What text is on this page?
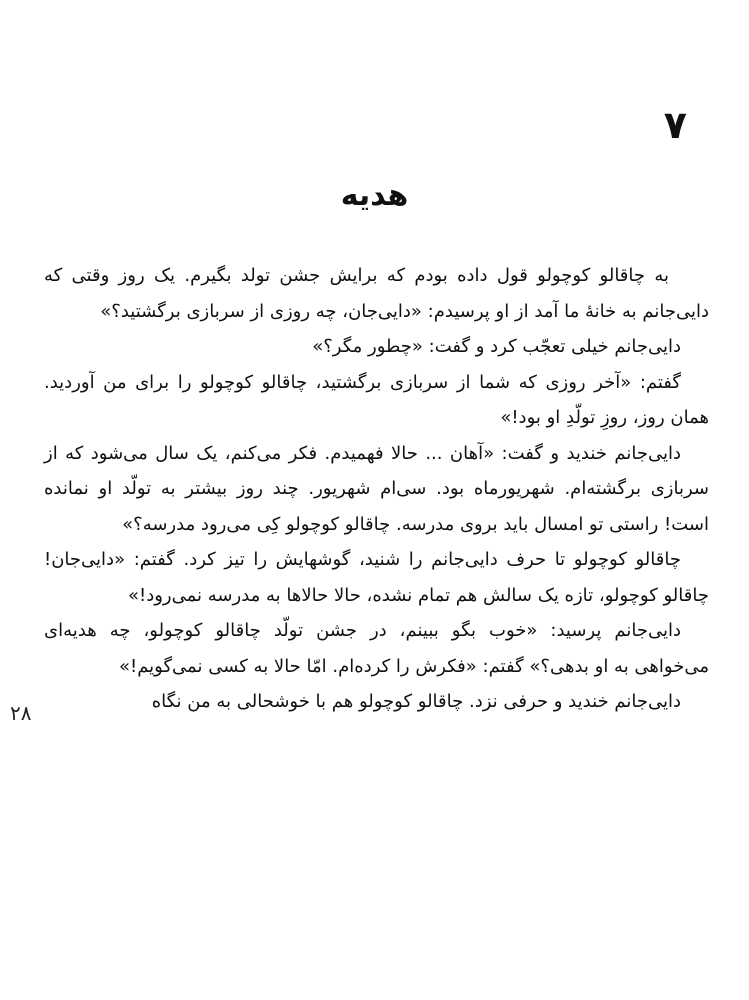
۷
هدیه

به چاقالو کوچولو قول داده بودم که برایش جشن تولد بگیرم. یک روز وقتی که دایی‌جانم به خانهٔ ما آمد از او پرسیدم: «دایی‌جان، چه روزی از سربازی برگشتید؟»

دایی‌جانم خیلی تعجّب کرد و گفت: «چطور مگر؟»

گفتم: «آخر روزی که شما از سربازی برگشتید، چاقالو کوچولو را برای من آوردید. همان روز، روزِ تولّدِ او بود!»

دایی‌جانم خندید و گفت: «آهان ... حالا فهمیدم. فکر می‌کنم، یک سال می‌شود که از سربازی برگشته‌ام. شهریورماه بود. سی‌ام شهریور. چند روز بیشتر به تولّد او نمانده است! راستی تو امسال باید بروی مدرسه. چاقالو کوچولو کِی می‌رود مدرسه؟»

چاقالو کوچولو تا حرف دایی‌جانم را شنید، گوشهایش را تیز کرد. گفتم: «دایی‌جان! چاقالو کوچولو، تازه یک سالش هم تمام نشده، حالا حالاها به مدرسه نمی‌رود!»

دایی‌جانم پرسید: «خوب بگو ببینم، در جشن تولّد چاقالو کوچولو، چه هدیه‌ای می‌خواهی به او بدهی؟» گفتم: «فکرش را کرده‌ام. امّا حالا به کسی نمی‌گویم!»

دایی‌جانم خندید و حرفی نزد. چاقالو کوچولو هم با خوشحالی به من نگاه

۲۸
